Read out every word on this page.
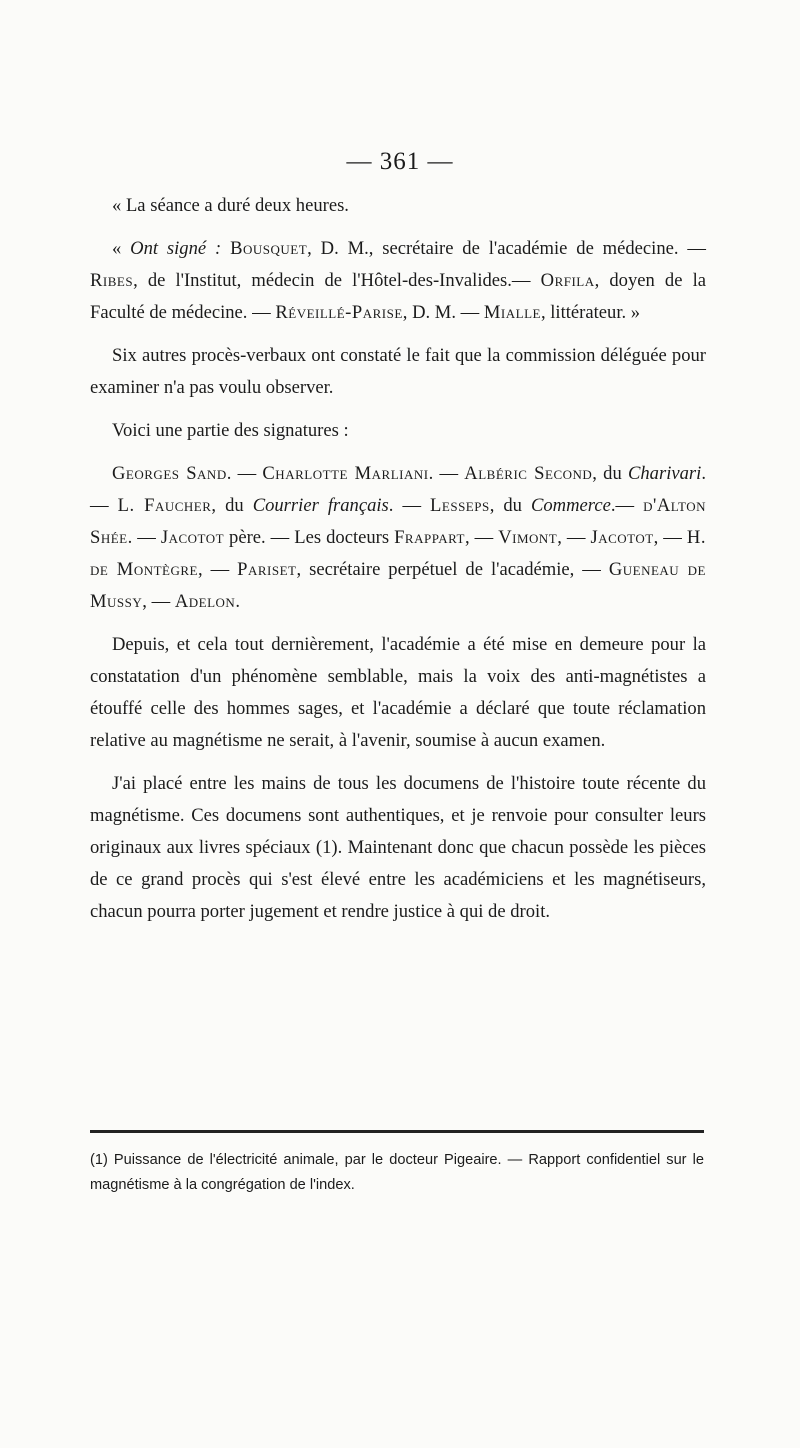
— 361 —

« La séance a duré deux heures.

« Ont signé : Bousquet, D. M., secrétaire de l'académie de médecine. — Ribes, de l'Institut, médecin de l'Hôtel-des-Invalides.— Orfila, doyen de la Faculté de médecine. — Réveillé-Parise, D. M. — Mialle, littérateur. »

Six autres procès-verbaux ont constaté le fait que la commission déléguée pour examiner n'a pas voulu observer.

Voici une partie des signatures :

Georges Sand. — Charlotte Marliani. — Albéric Second, du Charivari. — L. Faucher, du Courrier français. — Lesseps, du Commerce.— d'Alton Shée. — Jacotot père. — Les docteurs Frappart, — Vimont, — Jacotot, — H. de Montègre, — Pariset, secrétaire perpétuel de l'académie, — Gueneau de Mussy, — Adelon.

Depuis, et cela tout dernièrement, l'académie a été mise en demeure pour la constatation d'un phénomène semblable, mais la voix des anti-magnétistes a étouffé celle des hommes sages, et l'académie a déclaré que toute réclamation relative au magnétisme ne serait, à l'avenir, soumise à aucun examen.

J'ai placé entre les mains de tous les documens de l'histoire toute récente du magnétisme. Ces documens sont authentiques, et je renvoie pour consulter leurs originaux aux livres spéciaux (1). Maintenant donc que chacun possède les pièces de ce grand procès qui s'est élevé entre les académiciens et les magnétiseurs, chacun pourra porter jugement et rendre justice à qui de droit.

(1) Puissance de l'électricité animale, par le docteur Pigeaire. — Rapport confidentiel sur le magnétisme à la congrégation de l'index.
